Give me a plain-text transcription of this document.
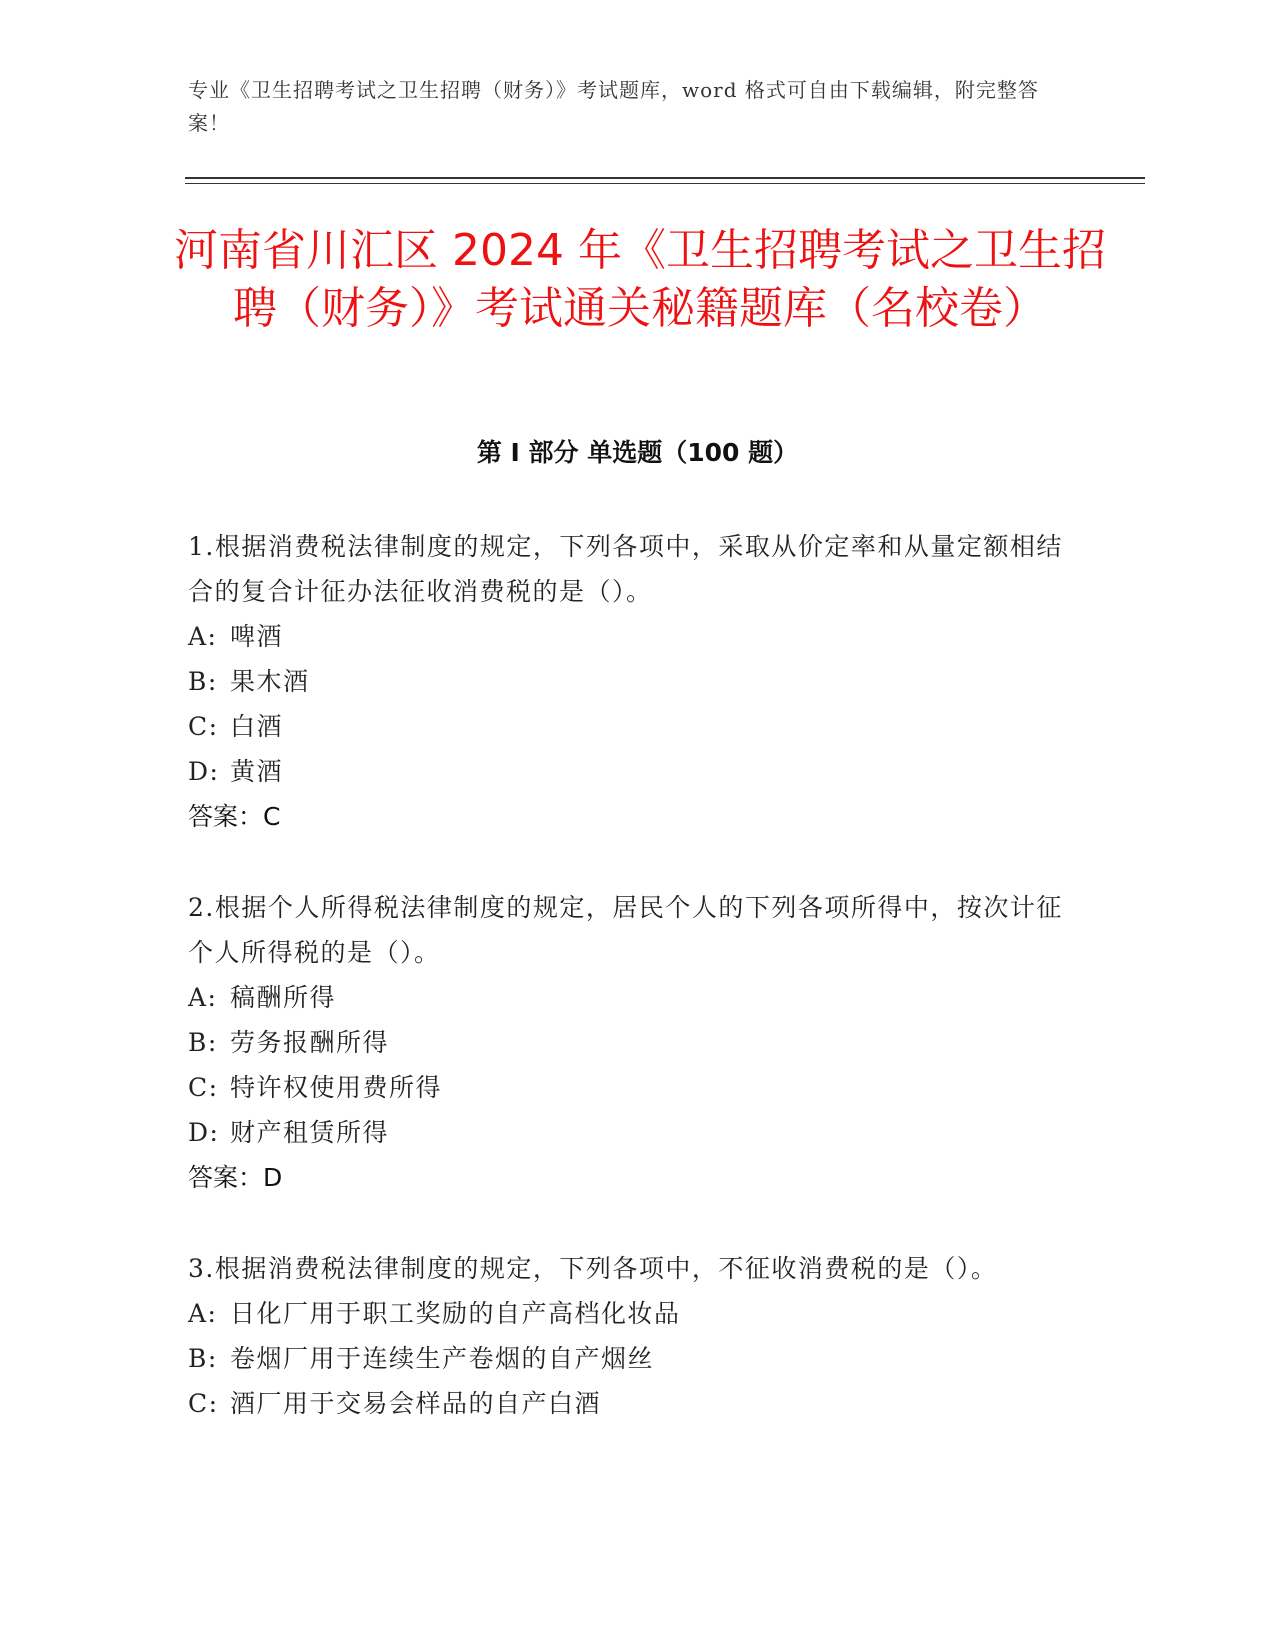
专业《卫生招聘考试之卫生招聘（财务）》考试题库，word 格式可自由下载编辑，附完整答案！
河南省川汇区 2024 年《卫生招聘考试之卫生招聘（财务）》考试通关秘籍题库（名校卷）
第 I 部分 单选题（100 题）

1.根据消费税法律制度的规定，下列各项中，采取从价定率和从量定额相结合的复合计征办法征收消费税的是（）。

A: 啤酒
B: 果木酒
C: 白酒
D: 黄酒

答案：C

2.根据个人所得税法律制度的规定，居民个人的下列各项所得中，按次计征个人所得税的是（）。

A: 稿酬所得
B: 劳务报酬所得
C: 特许权使用费所得
D: 财产租赁所得

答案：D

3.根据消费税法律制度的规定，下列各项中，不征收消费税的是（）。

A: 日化厂用于职工奖励的自产高档化妆品
B: 卷烟厂用于连续生产卷烟的自产烟丝
C: 酒厂用于交易会样品的自产白酒
